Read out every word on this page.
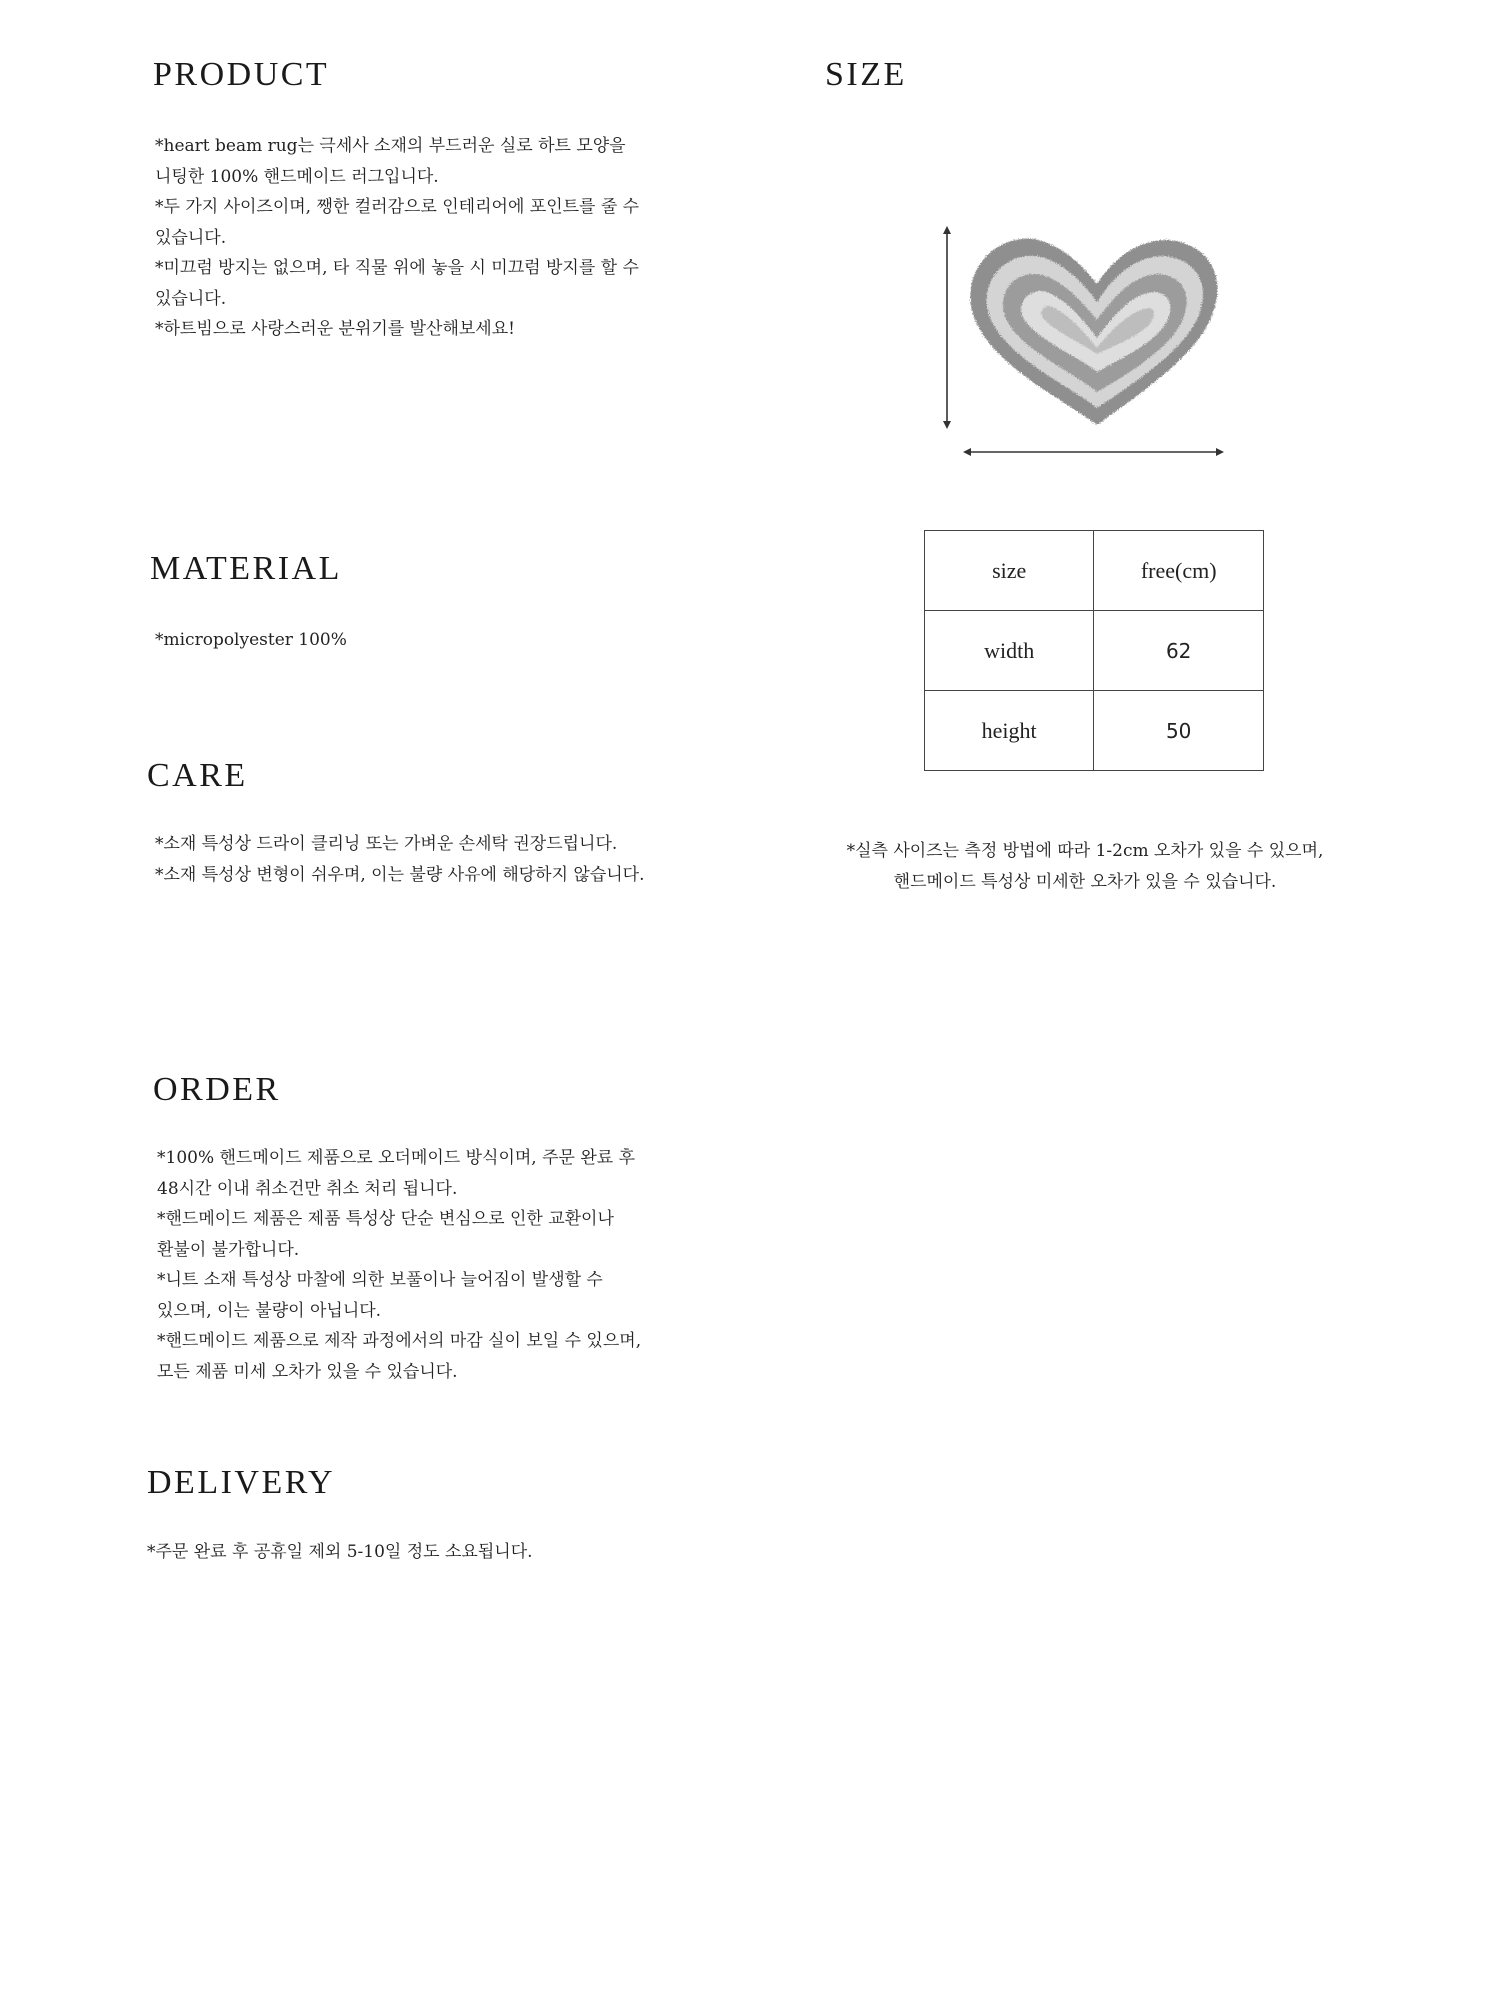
PRODUCT
*heart beam rug는 극세사 소재의 부드러운 실로 하트 모양을
니팅한 100% 핸드메이드 러그입니다.
*두 가지 사이즈이며, 쨍한 컬러감으로 인테리어에 포인트를 줄 수
있습니다.
*미끄럼 방지는 없으며, 타 직물 위에 놓을 시 미끄럼 방지를 할 수
있습니다.
*하트빔으로 사랑스러운 분위기를 발산해보세요!
MATERIAL
*micropolyester 100%
CARE
*소재 특성상 드라이 클리닝 또는 가벼운 손세탁 권장드립니다.
*소재 특성상 변형이 쉬우며, 이는 불량 사유에 해당하지 않습니다.
ORDER
*100% 핸드메이드 제품으로 오더메이드 방식이며, 주문 완료 후
48시간 이내 취소건만 취소 처리 됩니다.
*핸드메이드 제품은 제품 특성상 단순 변심으로 인한 교환이나
환불이 불가합니다.
*니트 소재 특성상 마찰에 의한 보풀이나 늘어짐이 발생할 수
있으며, 이는 불량이 아닙니다.
*핸드메이드 제품으로 제작 과정에서의 마감 실이 보일 수 있으며,
모든 제품 미세 오차가 있을 수 있습니다.
DELIVERY
*주문 완료 후 공휴일 제외 5-10일 정도 소요됩니다.
SIZE
size	free(cm)
width	62
height	50
*실측 사이즈는 측정 방법에 따라 1-2cm 오차가 있을 수 있으며,
핸드메이드 특성상 미세한 오차가 있을 수 있습니다.
